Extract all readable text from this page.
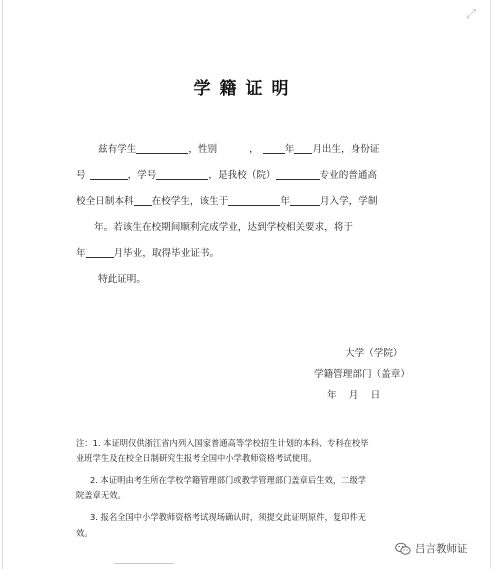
⤢
学籍证明
兹有学生	，性别	，	年 月出生，身份证
号	，学号	，是我校（院）	专业的普通高
校全日制本科 在校学生，该生于	年	月入学，学制
年。若该生在校期间顺利完成学业，达到学校相关要求，将于
年	月毕业，取得毕业证书。
特此证明。
大学（学院）
学籍管理部门（盖章）
年    月    日
注：1. 本证明仅供浙江省内列入国家普通高等学校招生计划的本科、专科在校毕
业班学生及在校全日制研究生报考全国中小学教师资格考试使用。
2. 本证明由考生所在学校学籍管理部门或教学管理部门盖章后生效，二级学
院盖章无效。
3. 报名全国中小学教师资格考试现场确认时，须提交此证明原件，复印件无
效。
吕言教师证
